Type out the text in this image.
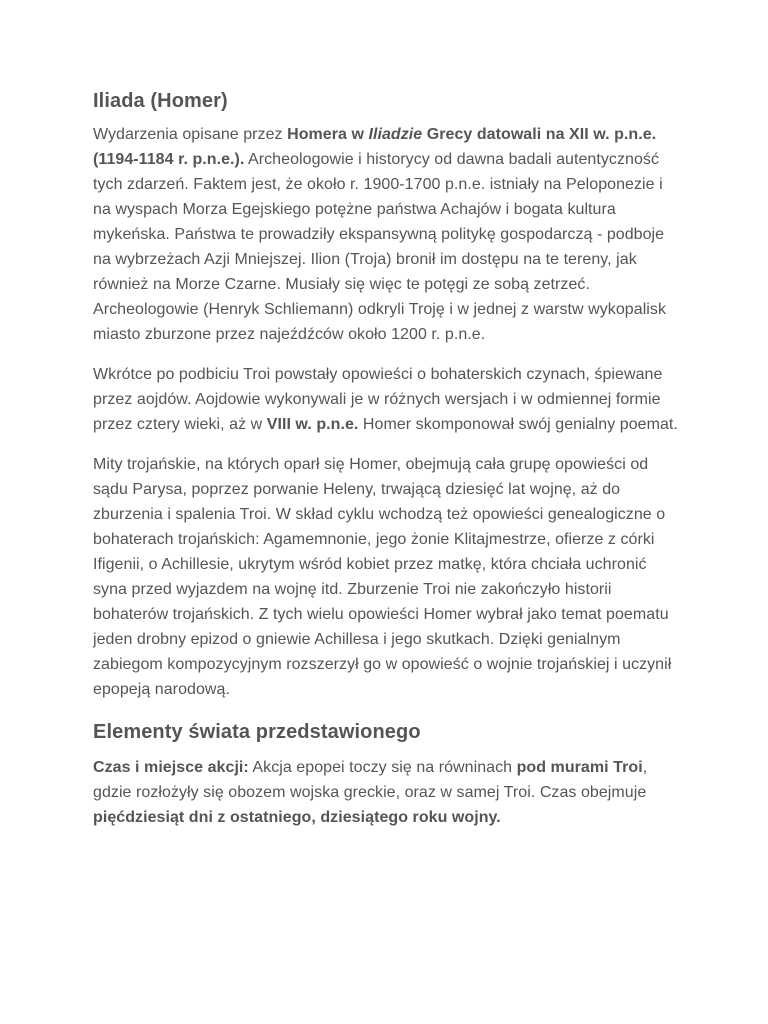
Iliada (Homer)

Wydarzenia opisane przez Homera w Iliadzie Grecy datowali na XII w. p.n.e. (1194-1184 r. p.n.e.). Archeologowie i historycy od dawna badali autentyczność tych zdarzeń. Faktem jest, że około r. 1900-1700 p.n.e. istniały na Peloponezie i na wyspach Morza Egejskiego potężne państwa Achajów i bogata kultura mykeńska. Państwa te prowadziły ekspansywną politykę gospodarczą - podboje na wybrzeżach Azji Mniejszej. Ilion (Troja) bronił im dostępu na te tereny, jak również na Morze Czarne. Musiały się więc te potęgi ze sobą zetrzeć. Archeologowie (Henryk Schliemann) odkryli Troję i w jednej z warstw wykopalisk miasto zburzone przez najeźdźców około 1200 r. p.n.e.

Wkrótce po podbiciu Troi powstały opowieści o bohaterskich czynach, śpiewane przez aojdów. Aojdowie wykonywali je w różnych wersjach i w odmiennej formie przez cztery wieki, aż w VIII w. p.n.e. Homer skomponował swój genialny poemat.

Mity trojańskie, na których oparł się Homer, obejmują cała grupę opowieści od sądu Parysa, poprzez porwanie Heleny, trwającą dziesięć lat wojnę, aż do zburzenia i spalenia Troi. W skład cyklu wchodzą też opowieści genealogiczne o bohaterach trojańskich: Agamemnonie, jego żonie Klitajmestrze, ofierze z córki Ifigenii, o Achillesie, ukrytym wśród kobiet przez matkę, która chciała uchronić syna przed wyjazdem na wojnę itd. Zburzenie Troi nie zakończyło historii bohaterów trojańskich. Z tych wielu opowieści Homer wybrał jako temat poematu jeden drobny epizod o gniewie Achillesa i jego skutkach. Dzięki genialnym zabiegom kompozycyjnym rozszerzył go w opowieść o wojnie trojańskiej i uczynił epopeją narodową.

Elementy świata przedstawionego

Czas i miejsce akcji: Akcja epopei toczy się na równinach pod murami Troi, gdzie rozłożyły się obozem wojska greckie, oraz w samej Troi. Czas obejmuje pięćdziesiąt dni z ostatniego, dziesiątego roku wojny.
